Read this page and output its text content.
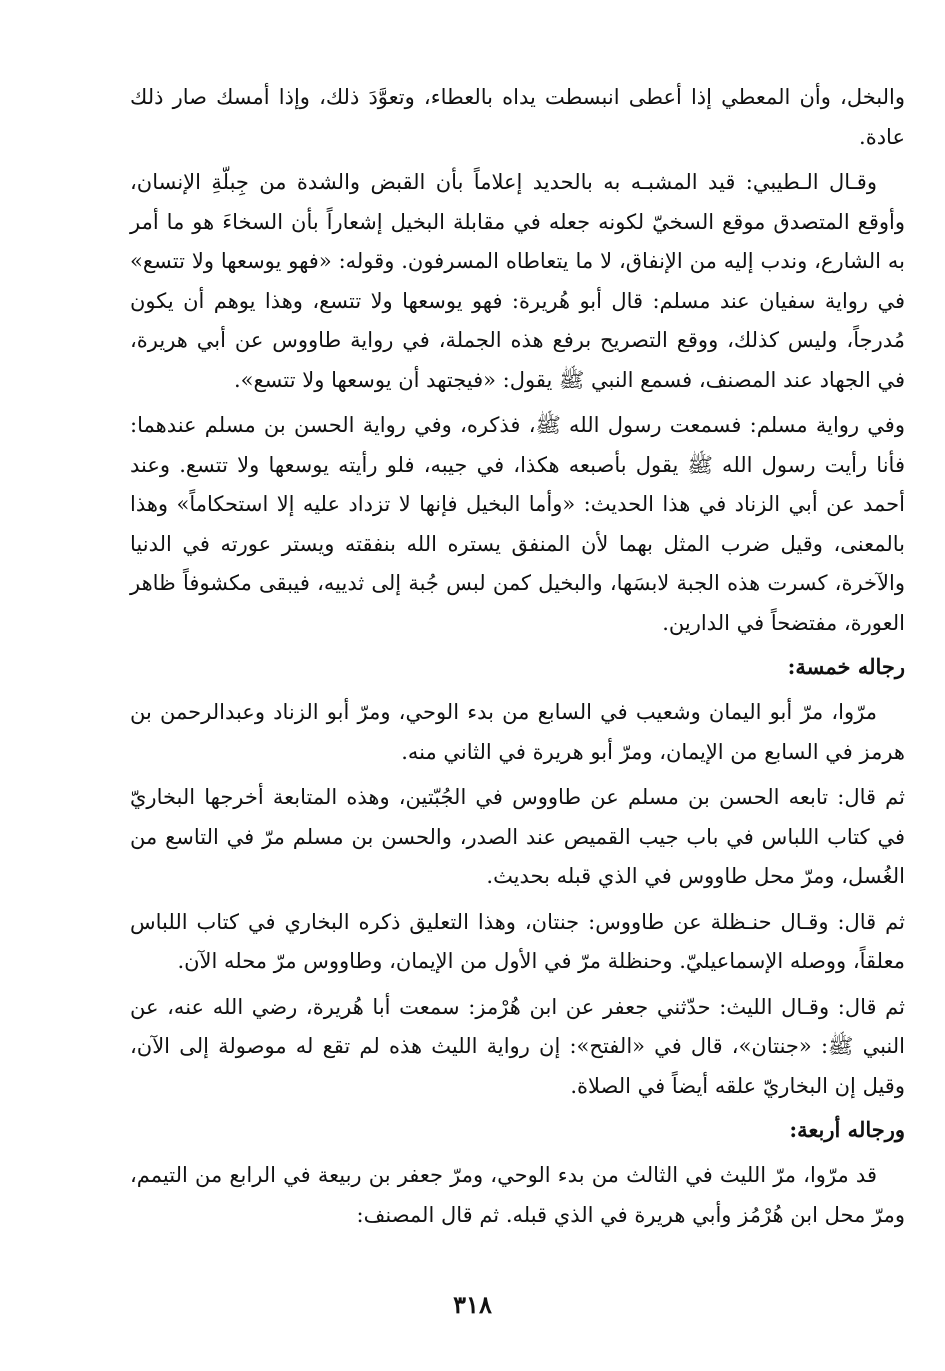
والبخل، وأن المعطي إذا أعطى انبسطت يداه بالعطاء، وتعوَّدَ ذلك، وإذا أمسك صار ذلك عادة.

وقـال الـطيبي: قيد المشبـه به بالحديد إعلاماً بأن القبض والشدة من جِبلّةِ الإنسان، وأوقع المتصدق موقع السخيّ لكونه جعله في مقابلة البخيل إشعاراً بأن السخاءَ هو ما أمر به الشارع، وندب إليه من الإنفاق، لا ما يتعاطاه المسرفون. وقوله: «فهو يوسعها ولا تتسع» في رواية سفيان عند مسلم: قال أبو هُريرة: فهو يوسعها ولا تتسع، وهذا يوهم أن يكون مُدرجاً، وليس كذلك، ووقع التصريح برفع هذه الجملة، في رواية طاووس عن أبي هريرة، في الجهاد عند المصنف، فسمع النبي ﷺ يقول: «فيجتهد أن يوسعها ولا تتسع».

وفي رواية مسلم: فسمعت رسول الله ﷺ، فذكره، وفي رواية الحسن بن مسلم عندهما: فأنا رأيت رسول الله ﷺ يقول بأصبعه هكذا، في جيبه، فلو رأيته يوسعها ولا تتسع. وعند أحمد عن أبي الزناد في هذا الحديث: «وأما البخيل فإنها لا تزداد عليه إلا استحكاماً» وهذا بالمعنى، وقيل ضرب المثل بهما لأن المنفق يستره الله بنفقته ويستر عورته في الدنيا والآخرة، كسرت هذه الجبة لابسَها، والبخيل كمن لبس جُبة إلى ثدييه، فيبقى مكشوفاً ظاهر العورة، مفتضحاً في الدارين.

رجاله خمسة:

مرّوا، مرّ أبو اليمان وشعيب في السابع من بدء الوحي، ومرّ أبو الزناد وعبدالرحمن بن هرمز في السابع من الإيمان، ومرّ أبو هريرة في الثاني منه.

ثم قال: تابعه الحسن بن مسلم عن طاووس في الجُبّتين، وهذه المتابعة أخرجها البخاريّ في كتاب اللباس في باب جيب القميص عند الصدر، والحسن بن مسلم مرّ في التاسع من الغُسل، ومرّ محل طاووس في الذي قبله بحديث.

ثم قال: وقـال حنـظلة عن طاووس: جنتان، وهذا التعليق ذكره البخاري في كتاب اللباس معلقاً، ووصله الإسماعيليّ. وحنظلة مرّ في الأول من الإيمان، وطاووس مرّ محله الآن.

ثم قال: وقـال الليث: حدّثني جعفر عن ابن هُرْمز: سمعت أبا هُريرة، رضي الله عنه، عن النبي ﷺ: «جنتان»، قال في «الفتح»: إن رواية الليث هذه لم تقع له موصولة إلى الآن، وقيل إن البخاريّ علقه أيضاً في الصلاة.

ورجاله أربعة:

قد مرّوا، مرّ الليث في الثالث من بدء الوحي، ومرّ جعفر بن ربيعة في الرابع من التيمم، ومرّ محل ابن هُرْمُز وأبي هريرة في الذي قبله. ثم قال المصنف:

٣١٨
